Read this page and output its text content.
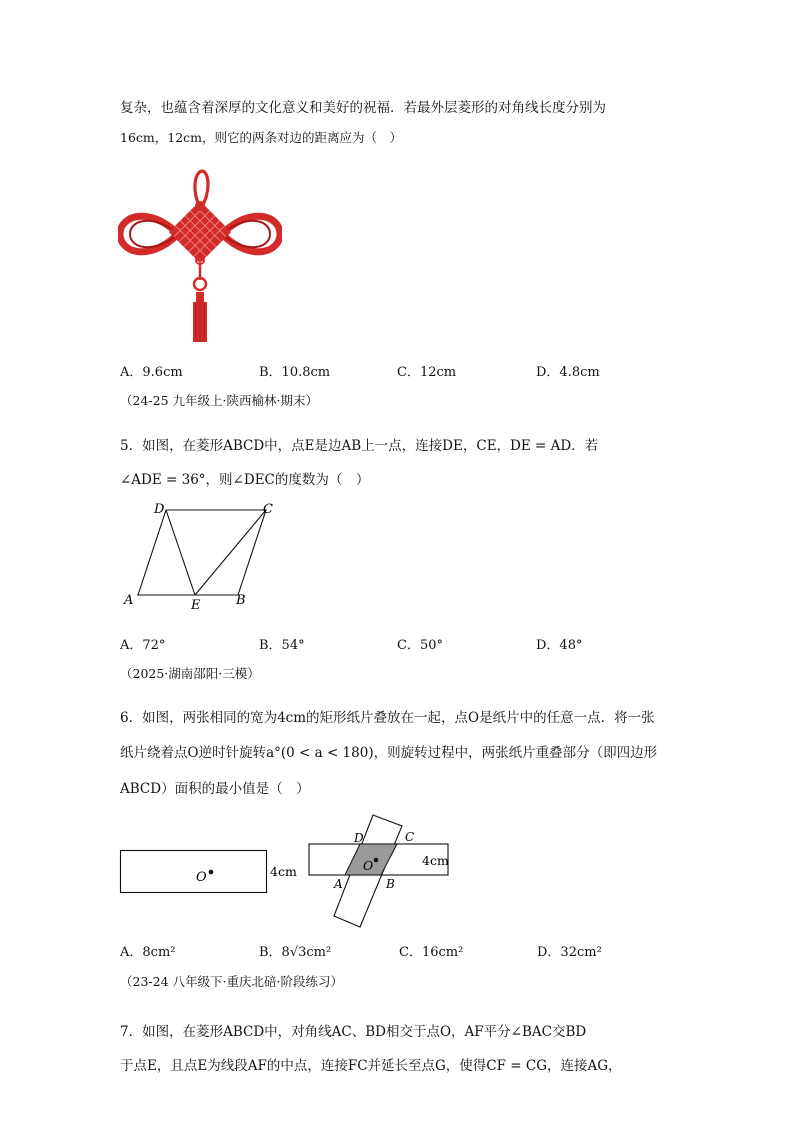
复杂，也蕴含着深厚的文化意义和美好的祝福．若最外层菱形的对角线长度分别为
16cm，12cm，则它的两条对边的距离应为（　）
A．9.6cm	B．10.8cm	C．12cm	D．4.8cm
（24-25 九年级上·陕西榆林·期末）
5．如图，在菱形ABCD中，点E是边AB上一点，连接DE，CE，DE = AD．若
∠ADE = 36°，则∠DEC的度数为（　）
D	C
A	E	B
A．72°	B．54°	C．50°	D．48°
（2025·湖南邵阳·三模）
6．如图，两张相同的宽为4cm的矩形纸片叠放在一起，点O是纸片中的任意一点．将一张
纸片绕着点O逆时针旋转a°(0 < a < 180)，则旋转过程中，两张纸片重叠部分（即四边形
ABCD）面积的最小值是（　）
O	4cm	O
D	C
A	B
4cm
A．8cm²	B．8√3cm²	C．16cm²	D．32cm²
（23-24 八年级下·重庆北碚·阶段练习）
7．如图，在菱形ABCD中，对角线AC、BD相交于点O，AF平分∠BAC交BD
于点E，且点E为线段AF的中点，连接FC并延长至点G，使得CF = CG，连接AG，
